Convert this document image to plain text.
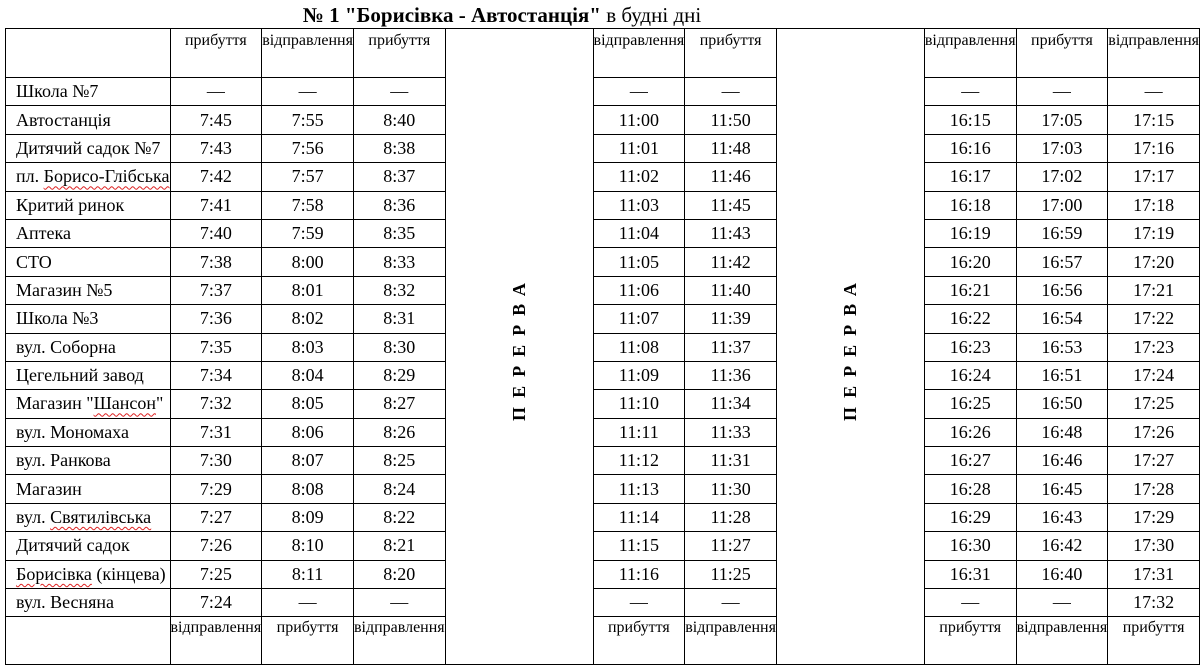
№ 1 "Борисівка - Автостанція" в будні дні
	прибуття	відправлення	прибуття		відправлення	прибуття		відправлення	прибуття	відправлення
Школа №7	—	—	—	ПЕРЕРВА	—	—	ПЕРЕРВА	—	—	—
Автостанція	7:45	7:55	8:40		11:00	11:50		16:15	17:05	17:15
Дитячий садок №7	7:43	7:56	8:38		11:01	11:48		16:16	17:03	17:16
пл. Борисо-Глібська	7:42	7:57	8:37		11:02	11:46		16:17	17:02	17:17
Критий ринок	7:41	7:58	8:36		11:03	11:45		16:18	17:00	17:18
Аптека	7:40	7:59	8:35		11:04	11:43		16:19	16:59	17:19
СТО	7:38	8:00	8:33		11:05	11:42		16:20	16:57	17:20
Магазин №5	7:37	8:01	8:32		11:06	11:40		16:21	16:56	17:21
Школа №3	7:36	8:02	8:31		11:07	11:39		16:22	16:54	17:22
вул. Соборна	7:35	8:03	8:30		11:08	11:37		16:23	16:53	17:23
Цегельний завод	7:34	8:04	8:29		11:09	11:36		16:24	16:51	17:24
Магазин "Шансон"	7:32	8:05	8:27		11:10	11:34		16:25	16:50	17:25
вул. Мономаха	7:31	8:06	8:26		11:11	11:33		16:26	16:48	17:26
вул. Ранкова	7:30	8:07	8:25		11:12	11:31		16:27	16:46	17:27
Магазин	7:29	8:08	8:24		11:13	11:30		16:28	16:45	17:28
вул. Святилівська	7:27	8:09	8:22		11:14	11:28		16:29	16:43	17:29
Дитячий садок	7:26	8:10	8:21		11:15	11:27		16:30	16:42	17:30
Борисівка (кінцева)	7:25	8:11	8:20		11:16	11:25		16:31	16:40	17:31
вул. Весняна	7:24	—	—		—	—		—	—	17:32
	відправлення	прибуття	відправлення		прибуття	відправлення		прибуття	відправлення	прибуття
